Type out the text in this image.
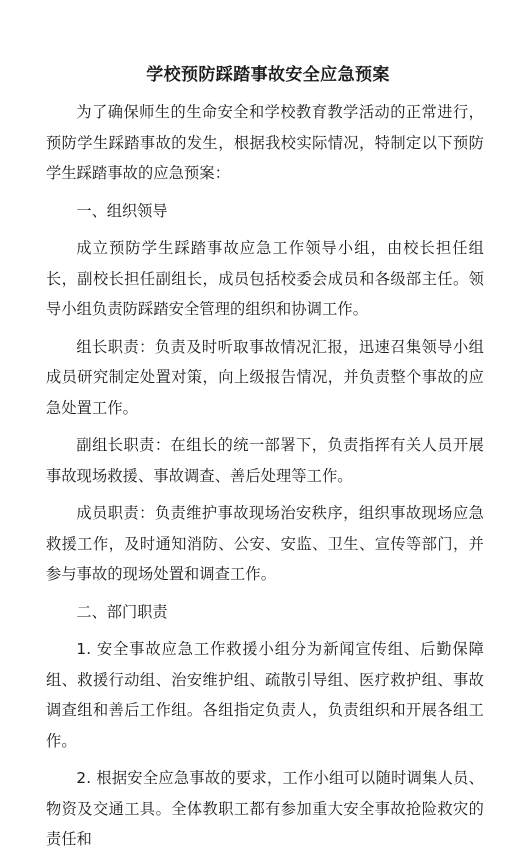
学校预防踩踏事故安全应急预案

为了确保师生的生命安全和学校教育教学活动的正常进行，预防学生踩踏事故的发生，根据我校实际情况，特制定以下预防学生踩踏事故的应急预案：

一、组织领导

成立预防学生踩踏事故应急工作领导小组，由校长担任组长，副校长担任副组长，成员包括校委会成员和各级部主任。领导小组负责防踩踏安全管理的组织和协调工作。

组长职责：负责及时听取事故情况汇报，迅速召集领导小组成员研究制定处置对策，向上级报告情况，并负责整个事故的应急处置工作。

副组长职责：在组长的统一部署下，负责指挥有关人员开展事故现场救援、事故调查、善后处理等工作。

成员职责：负责维护事故现场治安秩序，组织事故现场应急救援工作，及时通知消防、公安、安监、卫生、宣传等部门，并参与事故的现场处置和调查工作。

二、部门职责

1. 安全事故应急工作救援小组分为新闻宣传组、后勤保障组、救援行动组、治安维护组、疏散引导组、医疗救护组、事故调查组和善后工作组。各组指定负责人，负责组织和开展各组工作。

2. 根据安全应急事故的要求，工作小组可以随时调集人员、物资及交通工具。全体教职工都有参加重大安全事故抢险救灾的责任和
